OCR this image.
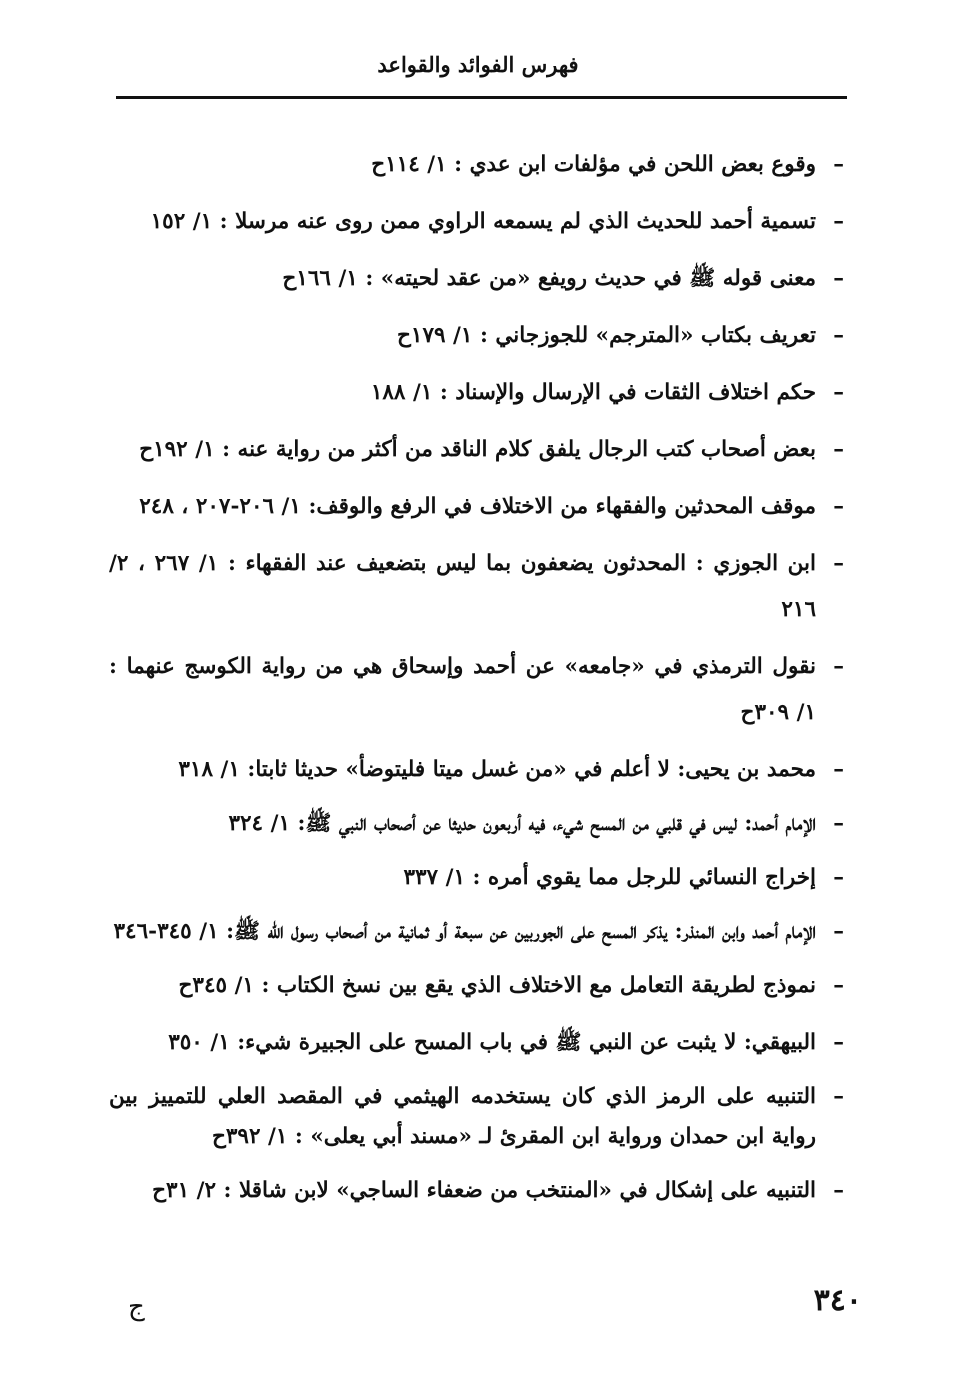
فهرس الفوائد والقواعد
–
وقوع بعض اللحن في مؤلفات ابن عدي : ١/ ١١٤ح
–
تسمية أحمد للحديث الذي لم يسمعه الراوي ممن روى عنه مرسلا : ١/ ١٥٢
–
معنى قوله ﷺ في حديث رويفع «من عقد لحيته» : ١/ ١٦٦ح
–
تعريف بكتاب «المترجم» للجوزجاني : ١/ ١٧٩ح
–
حكم اختلاف الثقات في الإرسال والإسناد : ١/ ١٨٨
–
بعض أصحاب كتب الرجال يلفق كلام الناقد من أكثر من رواية عنه : ١/ ١٩٢ح
–
موقف المحدثين والفقهاء من الاختلاف في الرفع والوقف: ١/ ٢٠٦-٢٠٧ ، ٢٤٨
–
ابن الجوزي : المحدثون يضعفون بما ليس بتضعيف عند الفقهاء : ١/ ٢٦٧ ، ٢/ ٢١٦
–
نقول الترمذي في «جامعه» عن أحمد وإسحاق هي من رواية الكوسج عنهما : ١/ ٣٠٩ح
–
محمد بن يحيى: لا أعلم في «من غسل ميتا فليتوضأ» حديثا ثابتا: ١/ ٣١٨
–
الإمام أحمد: ليس في قلبي من المسح شيء، فيه أربعون حديثا عن أصحاب النبي ﷺ: ١/ ٣٢٤
–
إخراج النسائي للرجل مما يقوي أمره : ١/ ٣٣٧
–
الإمام أحمد وابن المنذر: يذكر المسح على الجوربين عن سبعة أو ثمانية من أصحاب رسول الله ﷺ: ١/ ٣٤٥-٣٤٦
–
نموذج لطريقة التعامل مع الاختلاف الذي يقع بين نسخ الكتاب : ١/ ٣٤٥ح
–
البيهقي: لا يثبت عن النبي ﷺ في باب المسح على الجبيرة شيء: ١/ ٣٥٠
–
التنبيه على الرمز الذي كان يستخدمه الهيثمي في المقصد العلي للتمييز بين رواية ابن حمدان ورواية ابن المقرئ لـ «مسند أبي يعلى» : ١/ ٣٩٢ح
–
التنبيه على إشكال في «المنتخب من ضعفاء الساجي» لابن شاقلا : ٢/ ٣١ح
٣٤٠
ج
